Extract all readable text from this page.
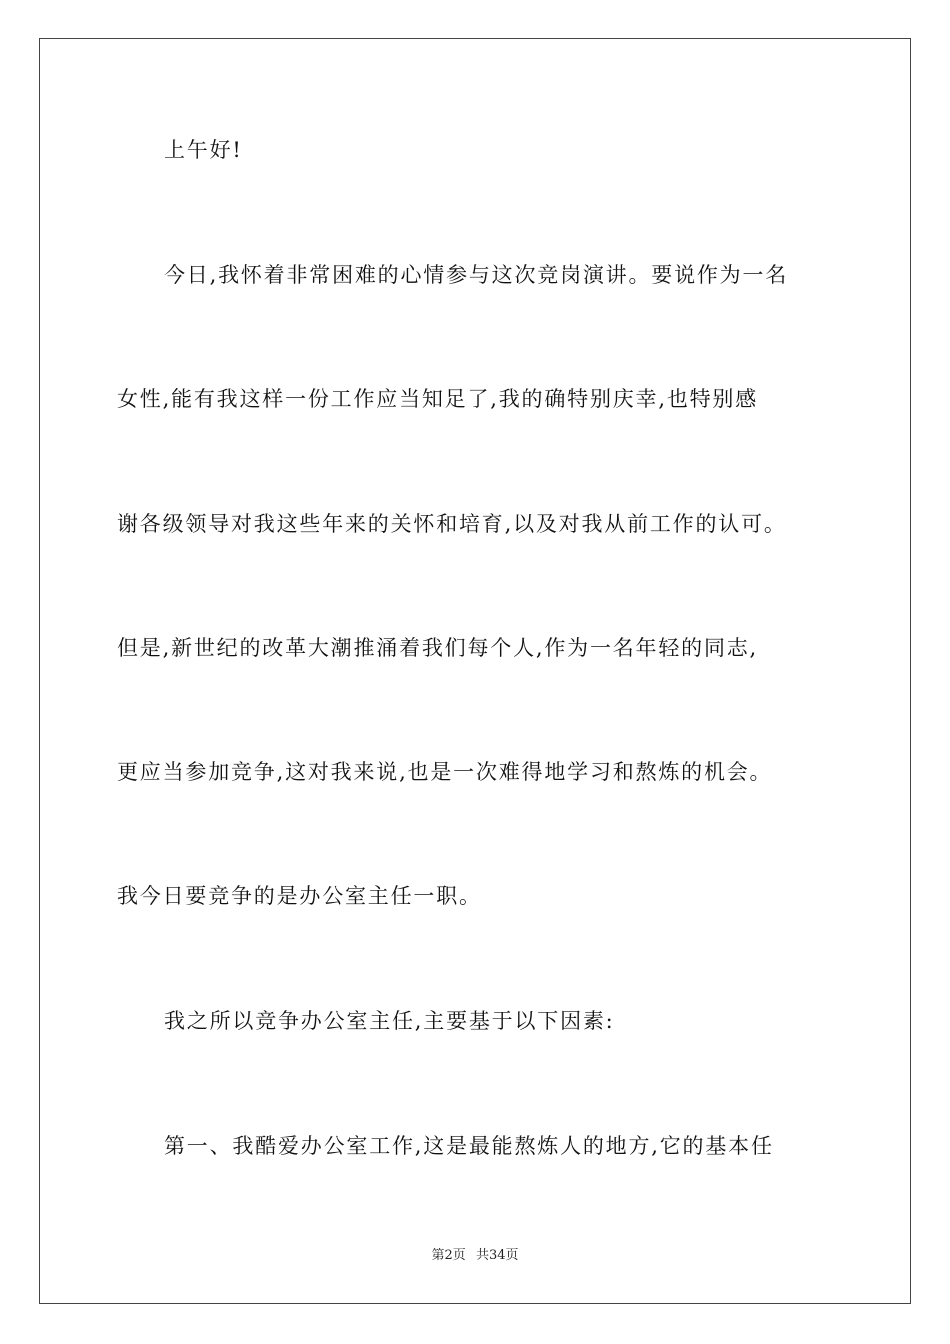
上午好!
今日,我怀着非常困难的心情参与这次竞岗演讲。要说作为一名
女性,能有我这样一份工作应当知足了,我的确特别庆幸,也特别感
谢各级领导对我这些年来的关怀和培育,以及对我从前工作的认可。
但是,新世纪的改革大潮推涌着我们每个人,作为一名年轻的同志,
更应当参加竞争,这对我来说,也是一次难得地学习和熬炼的机会。
我今日要竞争的是办公室主任一职。
我之所以竞争办公室主任,主要基于以下因素:
第一、我酷爱办公室工作,这是最能熬炼人的地方,它的基本任
第2页 共34页
